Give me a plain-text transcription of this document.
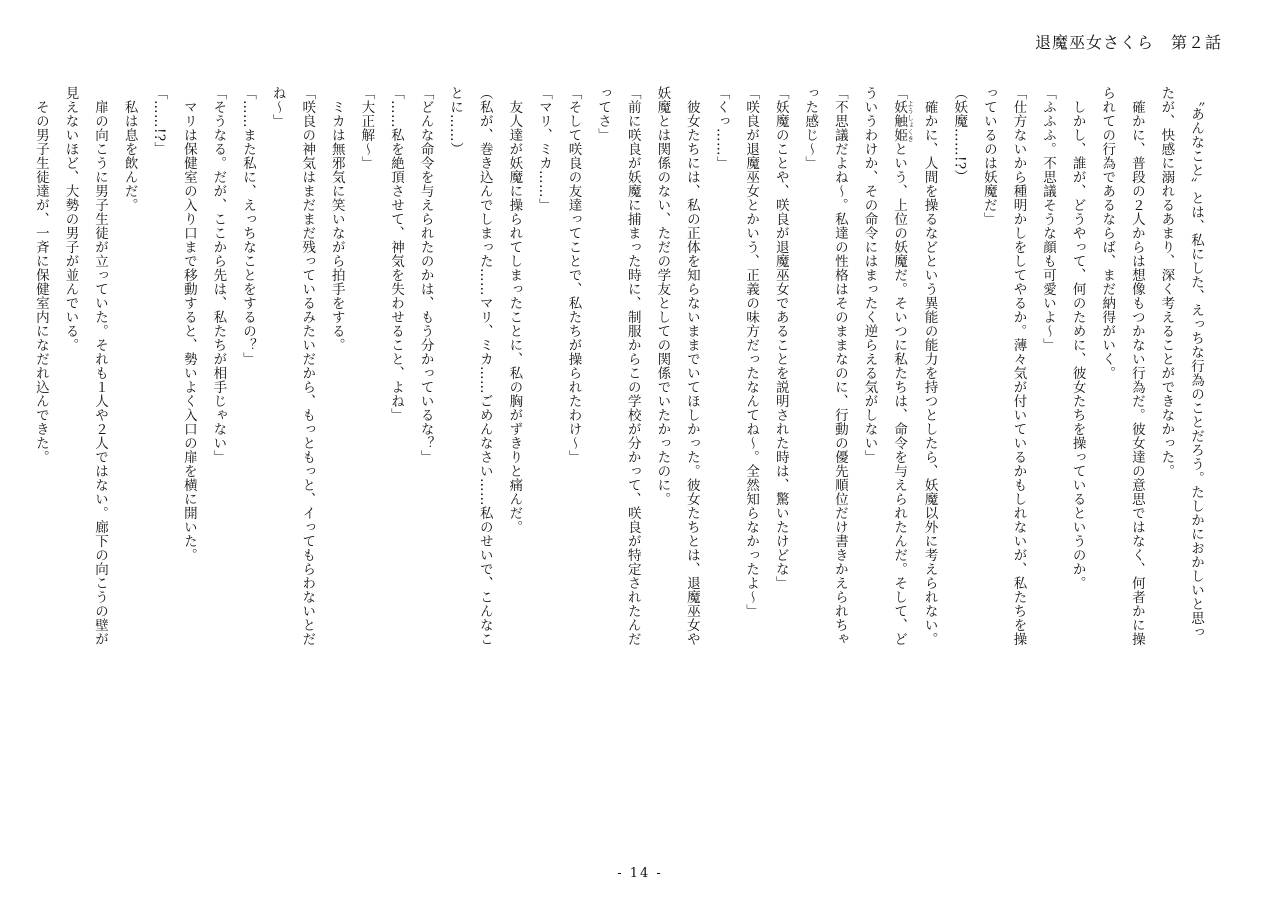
退魔巫女さくら　第２話
　〝あんなこと〟とは、私にした、えっちな行為のことだろう。たしかにおかしいと思っ
たが、快感に溺れるあまり、深く考えることができなかった。
　確かに、普段の２人からは想像もつかない行為だ。彼女達の意思ではなく、何者かに操
られての行為であるならば、まだ納得がいく。
　しかし、誰が、どうやって、何のために、彼女たちを操っているというのか。
「ふふふ。不思議そうな顔も可愛いよ～」
「仕方ないから種明かしをしてやるか。薄々気が付いているかもしれないが、私たちを操
っているのは妖魔だ」
（妖魔……!?）
　確かに、人間を操るなどという異能の能力を持つとしたら、妖魔以外に考えられない。
「妖触姫 ようしょくきという、上位の妖魔だ。そいつに私たちは、命令を与えられたんだ。そして、ど
ういうわけか、その命令にはまったく逆らえる気がしない」
「不思議だよね～。私達の性格はそのままなのに、行動の優先順位だけ書きかえられちゃ
った感じ～」
「妖魔のことや、咲良が退魔巫女であることを説明された時は、驚いたけどな」
「咲良が退魔巫女とかいう、正義の味方だったなんてね～。全然知らなかったよ～」
「くっ……」
　彼女たちには、私の正体を知らないままでいてほしかった。彼女たちとは、退魔巫女や
妖魔とは関係のない、ただの学友としての関係でいたかったのに。
「前に咲良が妖魔に捕まった時に、制服からこの学校が分かって、咲良が特定されたんだ
ってさ」
「そして咲良の友達ってことで、私たちが操られたわけ～」
「マリ、ミカ……」
　友人達が妖魔に操られてしまったことに、私の胸がずきりと痛んだ。
（私が、巻き込んでしまった……マリ、ミカ……ごめんなさい……私のせいで、こんなこ
とに……）
「どんな命令を与えられたのかは、もう分かっているな？」
「……私を絶頂させて、神気を失わせること、よね」
「大正解～」
　ミカは無邪気に笑いながら拍手をする。
「咲良の神気はまだまだ残っているみたいだから、もっともっと、イってもらわないとだ
ね～」
「……また私に、えっちなことをするの？」
「そうなる。だが、ここから先は、私たちが相手じゃない」
　マリは保健室の入り口まで移動すると、勢いよく入口の扉を横に開いた。
「……!?」
　私は息を飲んだ。
　扉の向こうに男子生徒が立っていた。それも１人や２人ではない。廊下の向こうの壁が
見えないほど、大勢の男子が並んでいる。
　その男子生徒達が、一斉に保健室内になだれ込んできた。
- 14 -
